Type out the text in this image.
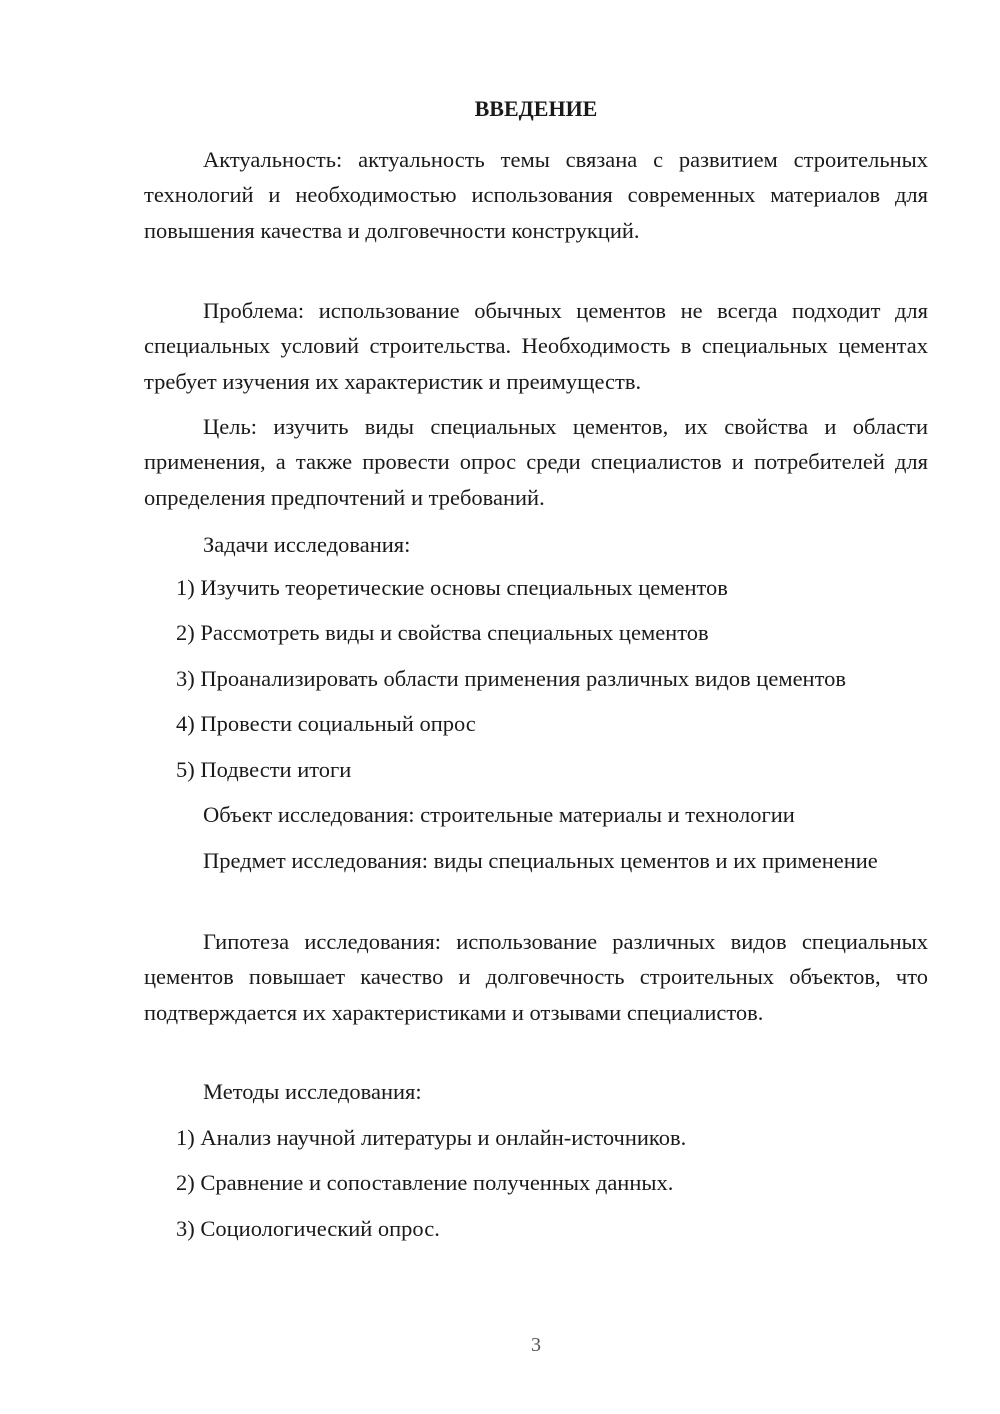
ВВЕДЕНИЕ

Актуальность: актуальность темы связана с развитием строительных технологий и необходимостью использования современных материалов для повышения качества и долговечности конструкций.

Проблема: использование обычных цементов не всегда подходит для специальных условий строительства. Необходимость в специальных цементах требует изучения их характеристик и преимуществ.

Цель: изучить виды специальных цементов, их свойства и области применения, а также провести опрос среди специалистов и потребителей для определения предпочтений и требований.

Задачи исследования:

1) Изучить теоретические основы специальных цементов

2) Рассмотреть виды и свойства специальных цементов

3) Проанализировать области применения различных видов цементов

4) Провести социальный опрос

5) Подвести итоги

Объект исследования: строительные материалы и технологии

Предмет исследования: виды специальных цементов и их применение

Гипотеза исследования: использование различных видов специальных цементов повышает качество и долговечность строительных объектов, что подтверждается их характеристиками и отзывами специалистов.

Методы исследования:

1) Анализ научной литературы и онлайн-источников.

2) Сравнение и сопоставление полученных данных.

3) Социологический опрос.

3
